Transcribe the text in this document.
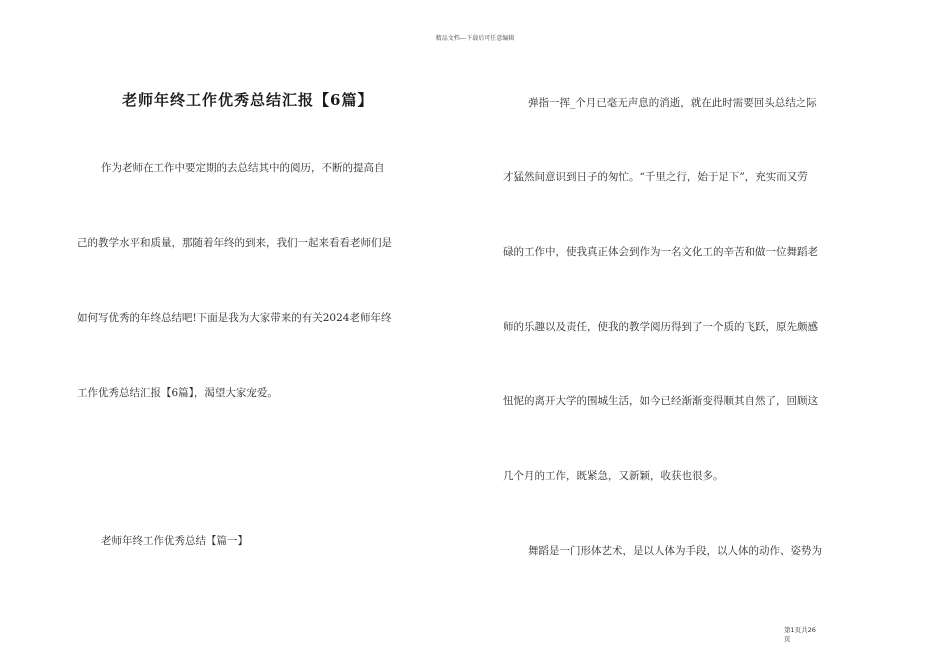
精品文档---下载后可任意编辑
老师年终工作优秀总结汇报【6篇】
作为老师在工作中要定期的去总结其中的阅历，不断的提高自
己的教学水平和质量，那随着年终的到来，我们一起来看看老师们是
如何写优秀的年终总结吧!下面是我为大家带来的有关2024老师年终
工作优秀总结汇报【6篇】，渴望大家宠爱。
老师年终工作优秀总结【篇一】
弹指一挥_个月已毫无声息的消逝，就在此时需要回头总结之际
才猛然间意识到日子的匆忙。“千里之行，始于足下”，充实而又劳
碌的工作中，使我真正体会到作为一名文化工的辛苦和做一位舞蹈老
师的乐趣以及责任，使我的教学阅历得到了一个质的飞跃，原先颇感
忸怩的离开大学的围城生活，如今已经渐渐变得顺其自然了，回顾这
几个月的工作，既紧急，又新颖，收获也很多。
舞蹈是一门形体艺术，是以人体为手段，以人体的动作、姿势为
第1页共26
页
